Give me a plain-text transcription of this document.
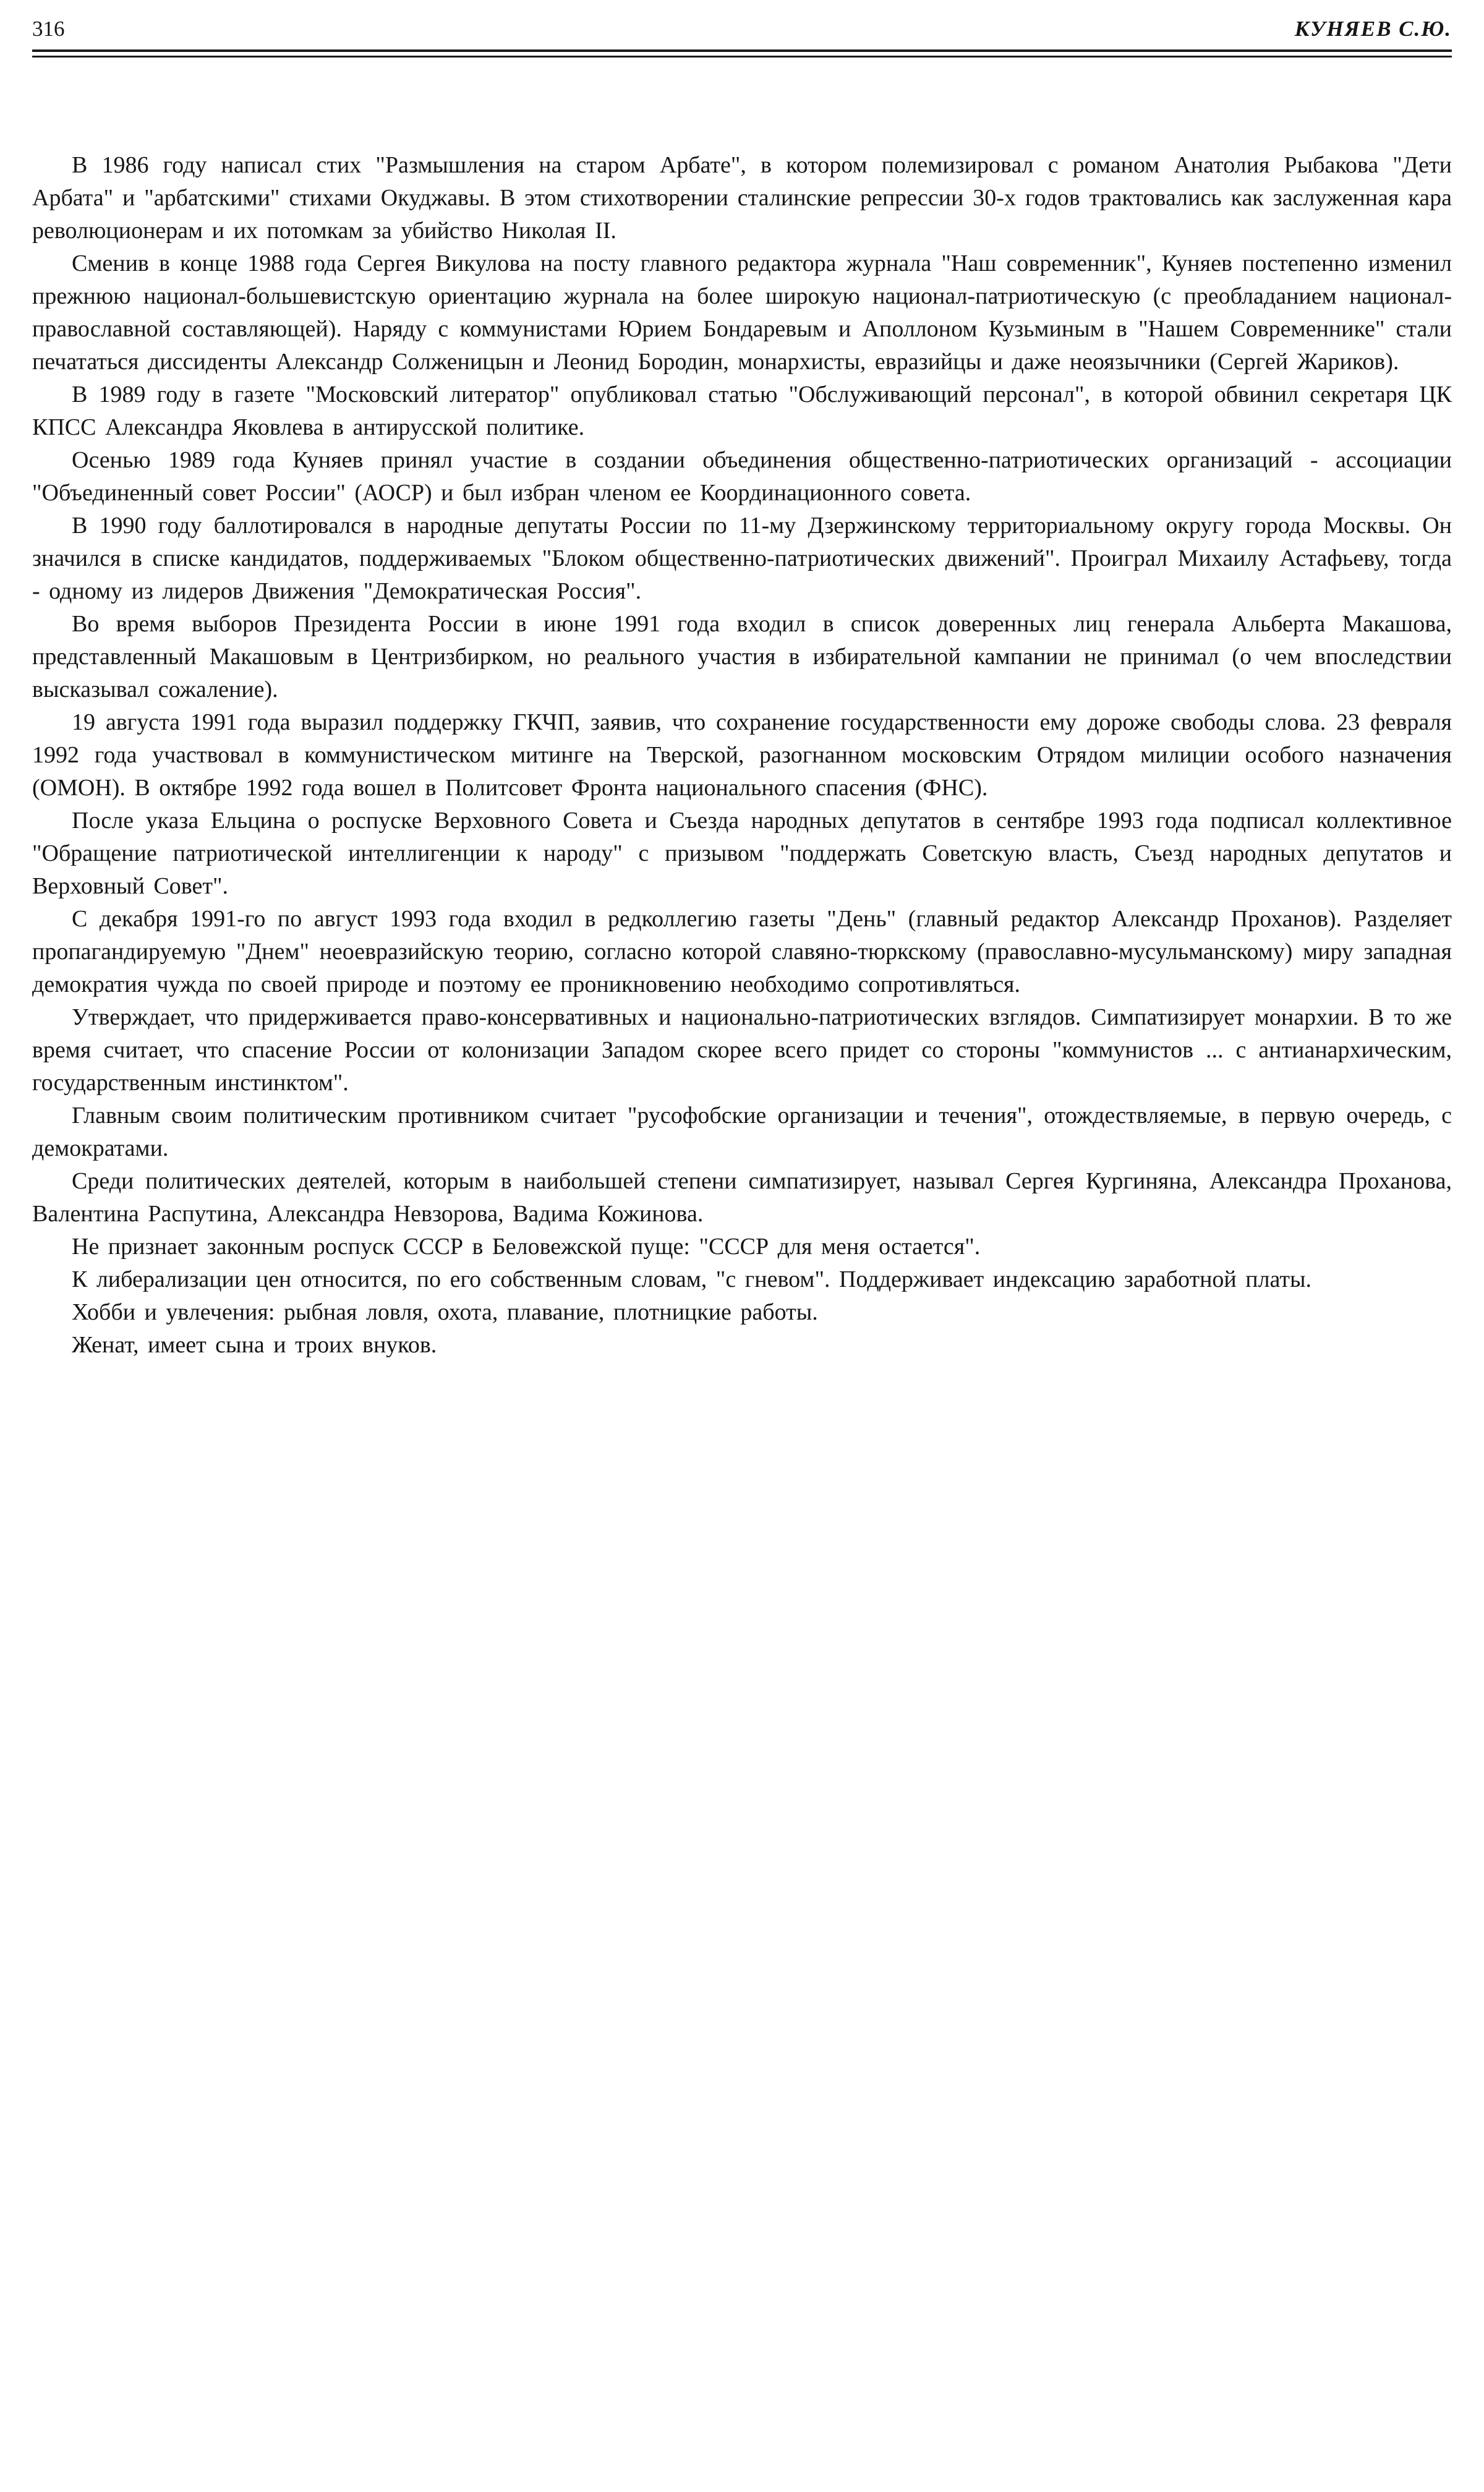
316	КУНЯЕВ С.Ю.

В 1986 году написал стих "Размышления на старом Арбате", в котором полемизировал с романом Анатолия Рыбакова "Дети Арбата" и "арбатскими" стихами Окуджавы. В этом стихотворении сталинские репрессии 30-х годов трактовались как заслуженная кара революционерам и их потомкам за убийство Николая II.

Сменив в конце 1988 года Сергея Викулова на посту главного редактора журнала "Наш современник", Куняев постепенно изменил прежнюю национал-большевистскую ориентацию журнала на более широкую национал-патриотическую (с преобладанием национал-православной составляющей). Наряду с коммунистами Юрием Бондаревым и Аполлоном Кузьминым в "Нашем Современнике" стали печататься диссиденты Александр Солженицын и Леонид Бородин, монархисты, евразийцы и даже неоязычники (Сергей Жариков).

В 1989 году в газете "Московский литератор" опубликовал статью "Обслуживающий персонал", в которой обвинил секретаря ЦК КПСС Александра Яковлева в антирусской политике.

Осенью 1989 года Куняев принял участие в создании объединения общественно-патриотических организаций - ассоциации "Объединенный совет России" (АОСР) и был избран членом ее Координационного совета.

В 1990 году баллотировался в народные депутаты России по 11-му Дзержинскому территориальному округу города Москвы. Он значился в списке кандидатов, поддерживаемых "Блоком общественно-патриотических движений". Проиграл Михаилу Астафьеву, тогда - одному из лидеров Движения "Демократическая Россия".

Во время выборов Президента России в июне 1991 года входил в список доверенных лиц генерала Альберта Макашова, представленный Макашовым в Центризбирком, но реального участия в избирательной кампании не принимал (о чем впоследствии высказывал сожаление).

19 августа 1991 года выразил поддержку ГКЧП, заявив, что сохранение государственности ему дороже свободы слова. 23 февраля 1992 года участвовал в коммунистическом митинге на Тверской, разогнанном московским Отрядом милиции особого назначения (ОМОН). В октябре 1992 года вошел в Политсовет Фронта национального спасения (ФНС).

После указа Ельцина о роспуске Верховного Совета и Съезда народных депутатов в сентябре 1993 года подписал коллективное "Обращение патриотической интеллигенции к народу" с призывом "поддержать Советскую власть, Съезд народных депутатов и Верховный Совет".

С декабря 1991-го по август 1993 года входил в редколлегию газеты "День" (главный редактор Александр Проханов). Разделяет пропагандируемую "Днем" неоевразийскую теорию, согласно которой славяно-тюркскому (православно-мусульманскому) миру западная демократия чужда по своей природе и поэтому ее проникновению необходимо сопротивляться.

Утверждает, что придерживается право-консервативных и национально-патриотических взглядов. Симпатизирует монархии. В то же время считает, что спасение России от колонизации Западом скорее всего придет со стороны "коммунистов ... с антианархическим, государственным инстинктом".

Главным своим политическим противником считает "русофобские организации и течения", отождествляемые, в первую очередь, с демократами.

Среди политических деятелей, которым в наибольшей степени симпатизирует, называл Сергея Кургиняна, Александра Проханова, Валентина Распутина, Александра Невзорова, Вадима Кожинова.

Не признает законным роспуск СССР в Беловежской пуще: "СССР для меня остается".

К либерализации цен относится, по его собственным словам, "с гневом". Поддерживает индексацию заработной платы.

Хобби и увлечения: рыбная ловля, охота, плавание, плотницкие работы.

Женат, имеет сына и троих внуков.
